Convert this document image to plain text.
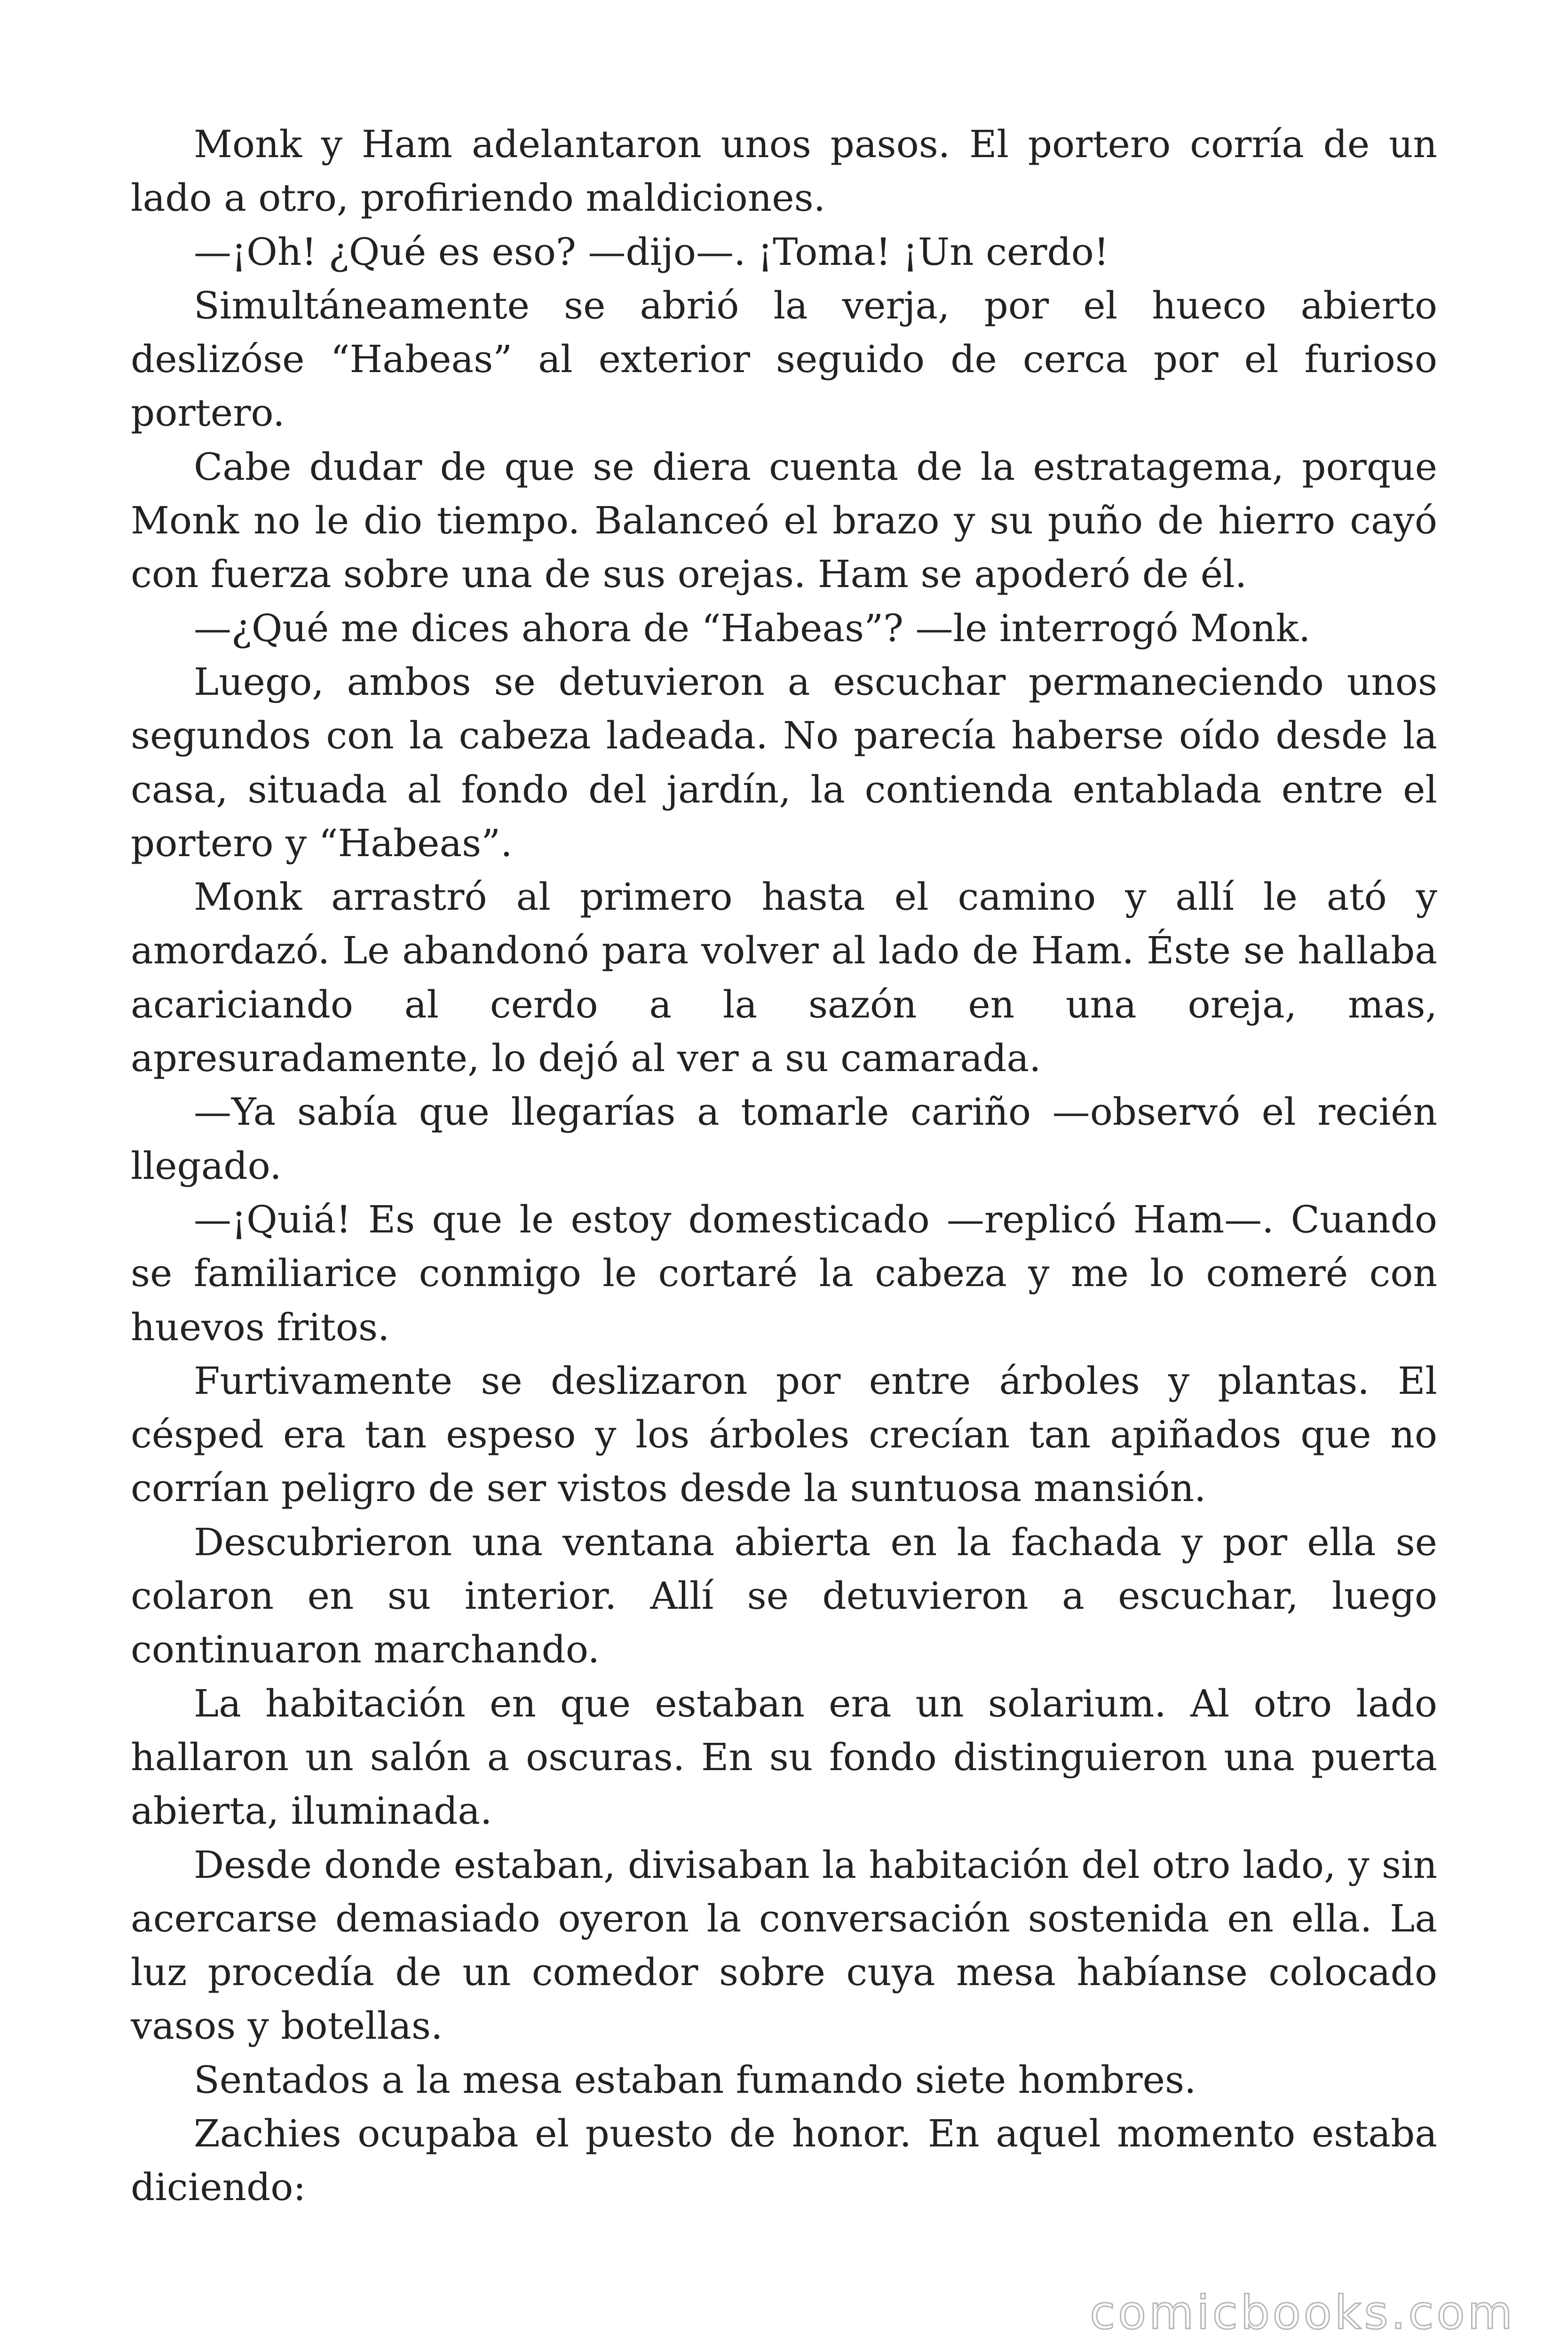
Monk y Ham adelantaron unos pasos. El portero corría de un lado a otro, profiriendo maldiciones.

—¡Oh! ¿Qué es eso? —dijo—. ¡Toma! ¡Un cerdo!

Simultáneamente se abrió la verja, por el hueco abierto deslizóse “Habeas” al exterior seguido de cerca por el furioso portero.

Cabe dudar de que se diera cuenta de la estratagema, porque Monk no le dio tiempo. Balanceó el brazo y su puño de hierro cayó con fuerza sobre una de sus orejas. Ham se apoderó de él.

—¿Qué me dices ahora de “Habeas”? —le interrogó Monk.

Luego, ambos se detuvieron a escuchar permaneciendo unos segundos con la cabeza ladeada. No parecía haberse oído desde la casa, situada al fondo del jardín, la contienda entablada entre el portero y “Habeas”.

Monk arrastró al primero hasta el camino y allí le ató y amordazó. Le abandonó para volver al lado de Ham. Éste se hallaba acariciando al cerdo a la sazón en una oreja, mas, apresuradamente, lo dejó al ver a su camarada.

—Ya sabía que llegarías a tomarle cariño —observó el recién llegado.

—¡Quiá! Es que le estoy domesticado —replicó Ham—. Cuando se familiarice conmigo le cortaré la cabeza y me lo comeré con huevos fritos.

Furtivamente se deslizaron por entre árboles y plantas. El césped era tan espeso y los árboles crecían tan apiñados que no corrían peligro de ser vistos desde la suntuosa mansión.

Descubrieron una ventana abierta en la fachada y por ella se colaron en su interior. Allí se detuvieron a escuchar, luego continuaron marchando.

La habitación en que estaban era un solarium. Al otro lado hallaron un salón a oscuras. En su fondo distinguieron una puerta abierta, iluminada.

Desde donde estaban, divisaban la habitación del otro lado, y sin acercarse demasiado oyeron la conversación sostenida en ella. La luz procedía de un comedor sobre cuya mesa habíanse colocado vasos y botellas.

Sentados a la mesa estaban fumando siete hombres.

Zachies ocupaba el puesto de honor. En aquel momento estaba diciendo:

comicbooks.com
